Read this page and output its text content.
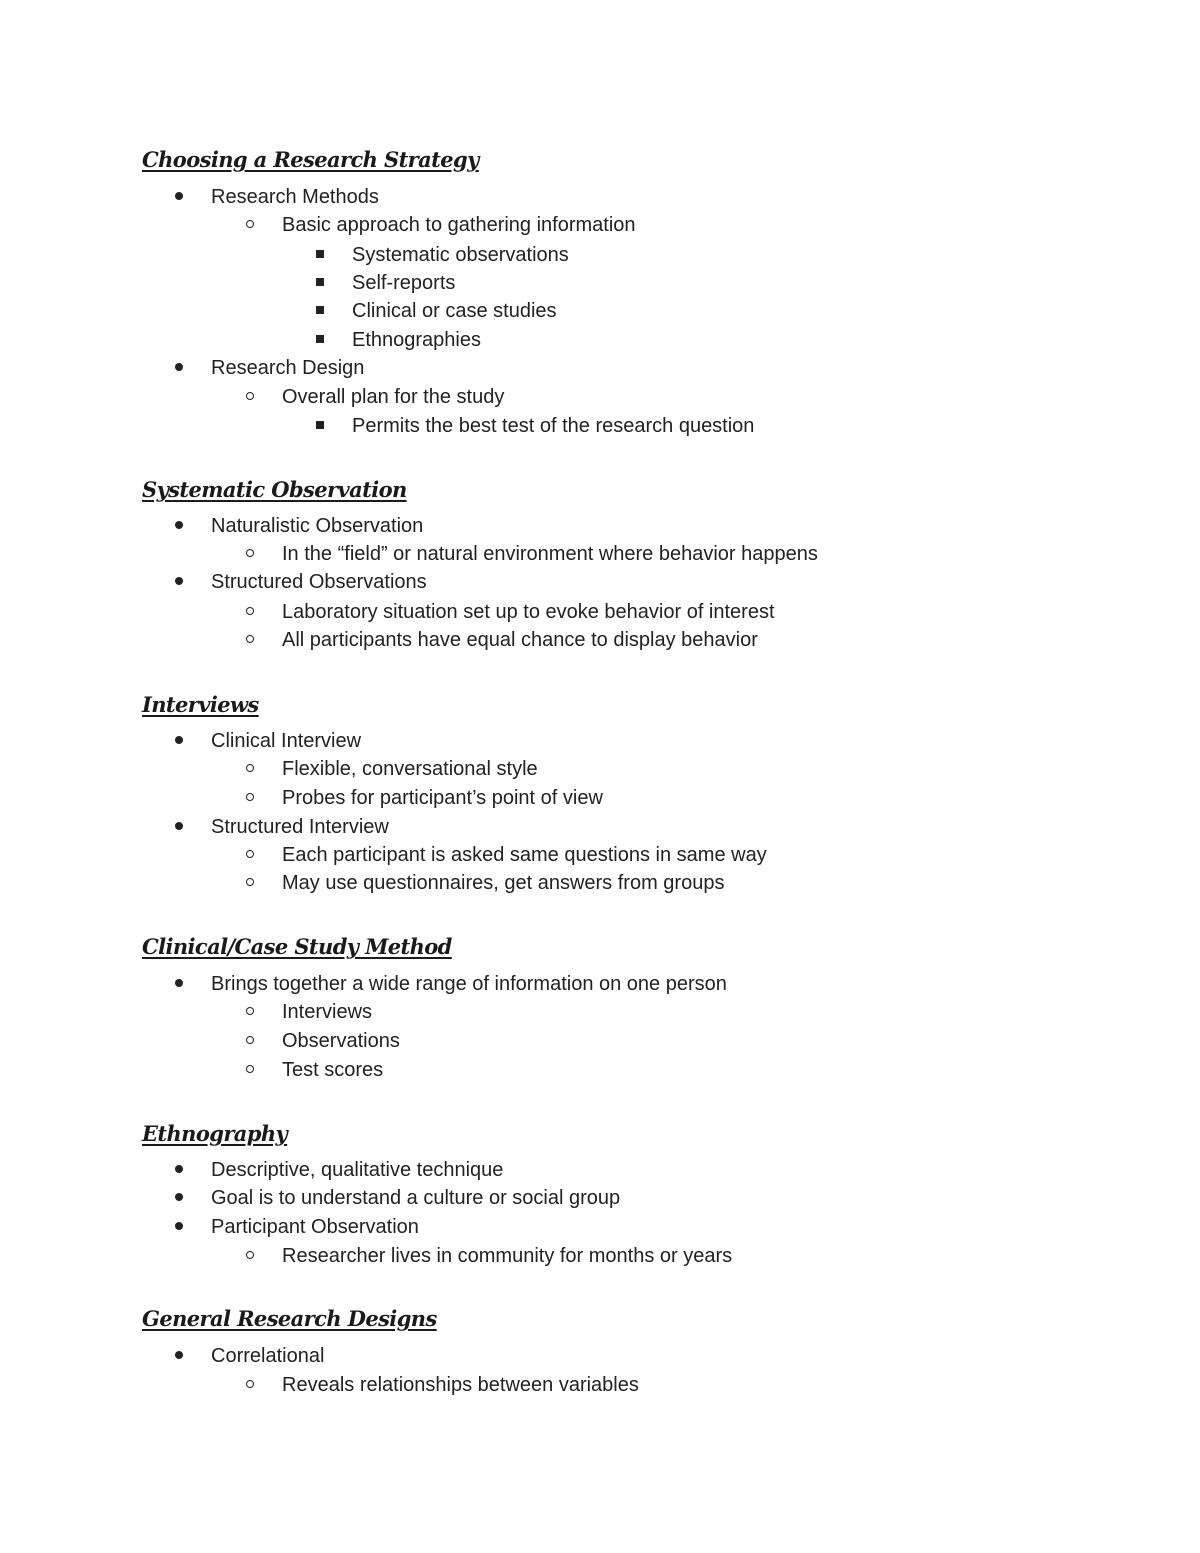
Choosing a Research Strategy
Research Methods
Basic approach to gathering information
Systematic observations
Self-reports
Clinical or case studies
Ethnographies
Research Design
Overall plan for the study
Permits the best test of the research question
Systematic Observation
Naturalistic Observation
In the “field” or natural environment where behavior happens
Structured Observations
Laboratory situation set up to evoke behavior of interest
All participants have equal chance to display behavior
Interviews
Clinical Interview
Flexible, conversational style
Probes for participant’s point of view
Structured Interview
Each participant is asked same questions in same way
May use questionnaires, get answers from groups
Clinical/Case Study Method
Brings together a wide range of information on one person
Interviews
Observations
Test scores
Ethnography
Descriptive, qualitative technique
Goal is to understand a culture or social group
Participant Observation
Researcher lives in community for months or years
General Research Designs
Correlational
Reveals relationships between variables
